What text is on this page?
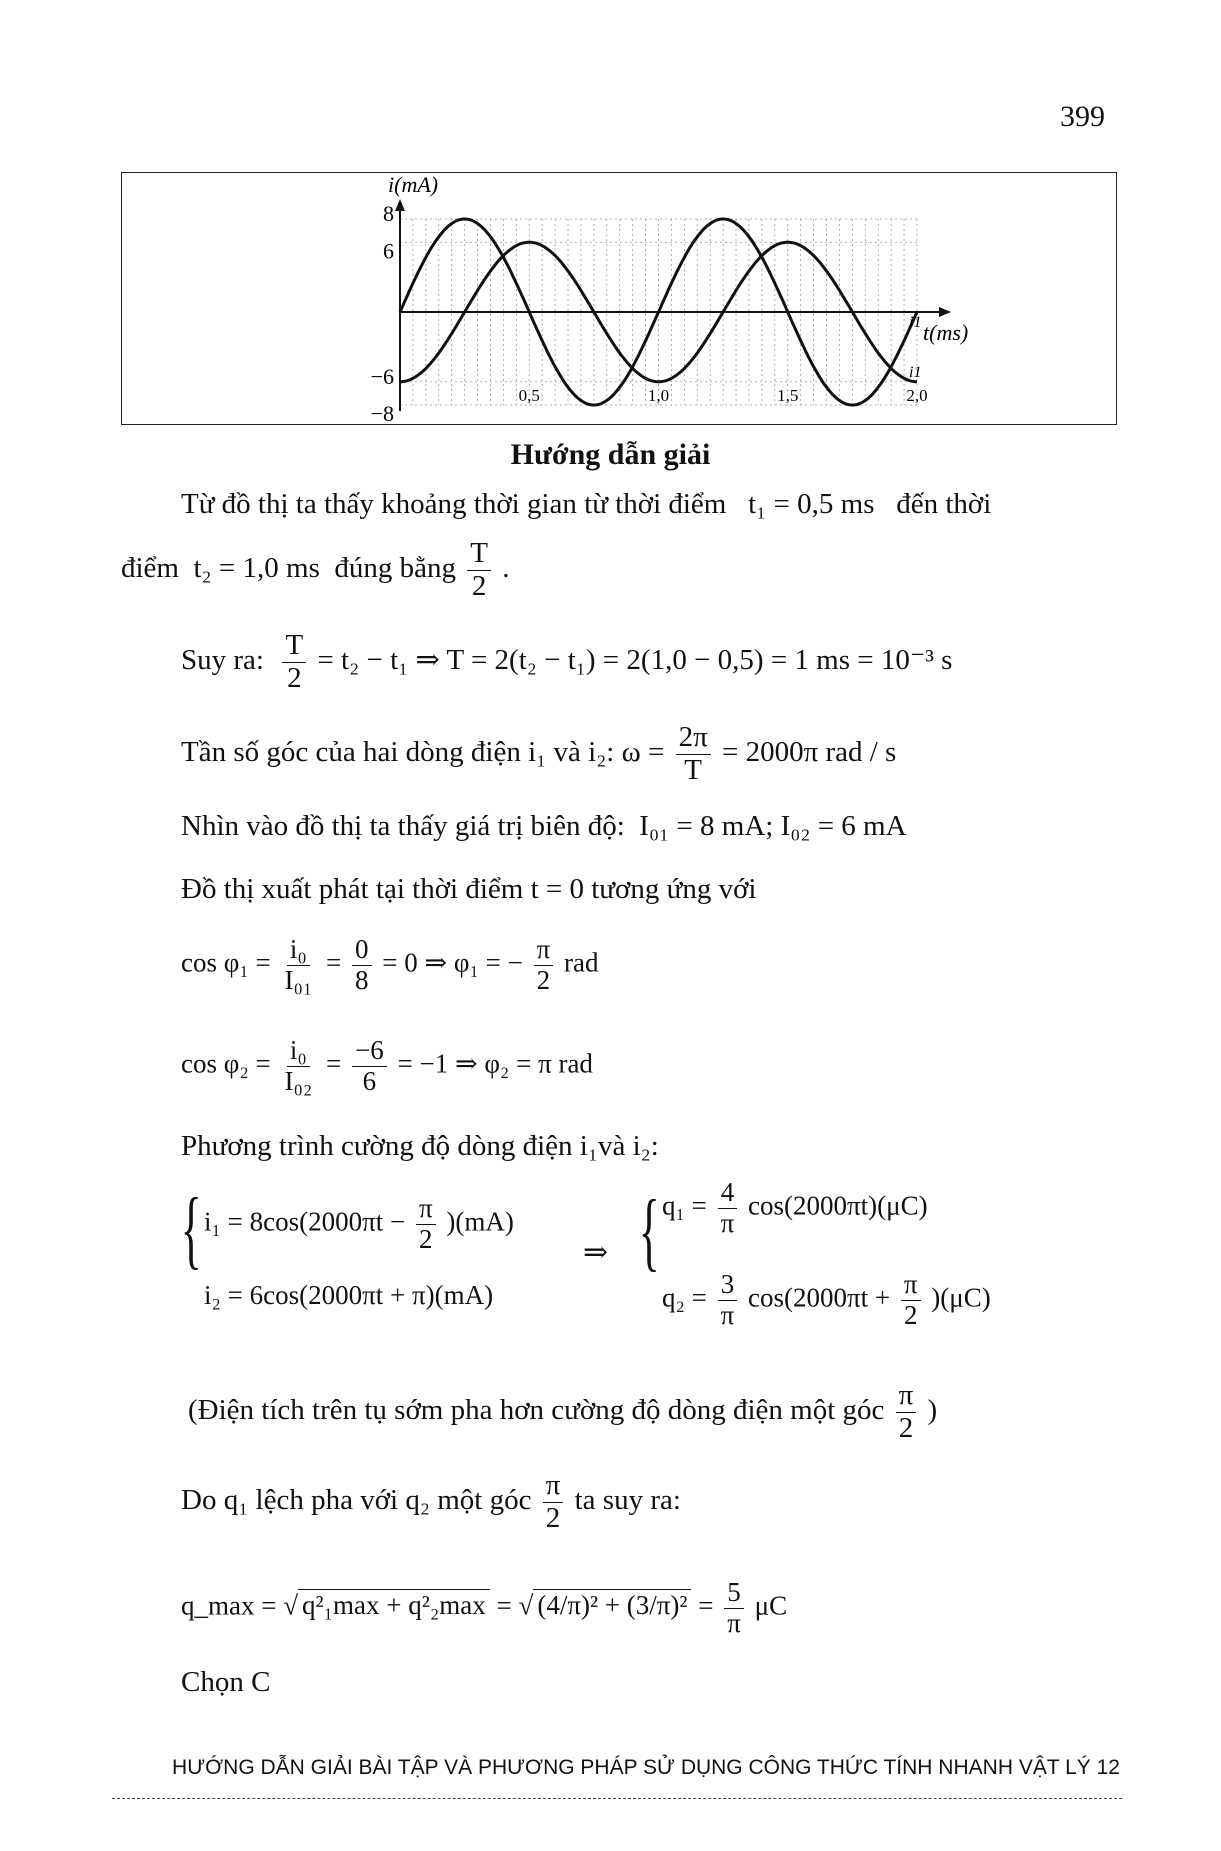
399
i(mA)
t(ms)
8
6
−6
−8
0,5	1,0	1,5	2,0
i1
i1
Hướng dẫn giải
Từ đồ thị ta thấy khoảng thời gian từ thời điểm t₁ = 0,5 ms đến thời
điểm t₂ = 1,0 ms đúng bằng $\frac{T}{2}$ .
Suy ra: $\frac{T}{2} = t_2 - t_1$ ⇒ T = 2(t₂ − t₁) = 2(1,0 − 0,5) = 1 ms = 10⁻³ s
Tần số góc của hai dòng điện i₁ và i₂: $\omega = \frac{2\pi}{T} = 2000\pi$ rad / s
Nhìn vào đồ thị ta thấy giá trị biên độ: I₀₁ = 8 mA; I₀₂ = 6 mA
Đồ thị xuất phát tại thời điểm t = 0 tương ứng với
$\cos \varphi_1 = \frac{\text{i₀}}{\text{I₀₁}} = \frac{0}{8} = 0$ ⇒ φ₁ = − $\frac{\pi}{2}$ rad
$\cos \varphi_2 = \frac{\text{i₀}}{\text{I₀₂}} = \frac{-6}{6} = -1$ ⇒ φ₂ = π rad
Phương trình cường độ dòng điện i₁và i₂:
{ $i_1 = 8\cos(2000\pi t - \frac{\pi}{2} )(mA)$
i₂ = 6cos(2000πt + π)(mA)
⇒ { $q_1 = \frac{4}{\pi} \cos(2000\pi t)(\mu C)$
$q_2 = \frac{3}{\pi} \cos(2000\pi t + \frac{\pi}{2} )(\mu C)$
(Điện tích trên tụ sớm pha hơn cường độ dòng điện một góc $\frac{\pi}{2}$ )
Do q₁ lệch pha với q₂ một góc $\frac{\pi}{2}$ ta suy ra:
q_max = √ q²₁max + q²₂max = √ $(4/\pi)^2 + (3/\pi)^2 = \frac{5}{\pi}$ μC
Chọn C
HƯỚNG DẪN GIẢI BÀI TẬP VÀ PHƯƠNG PHÁP SỬ DỤNG CÔNG THỨC TÍNH NHANH VẬT LÝ 12
